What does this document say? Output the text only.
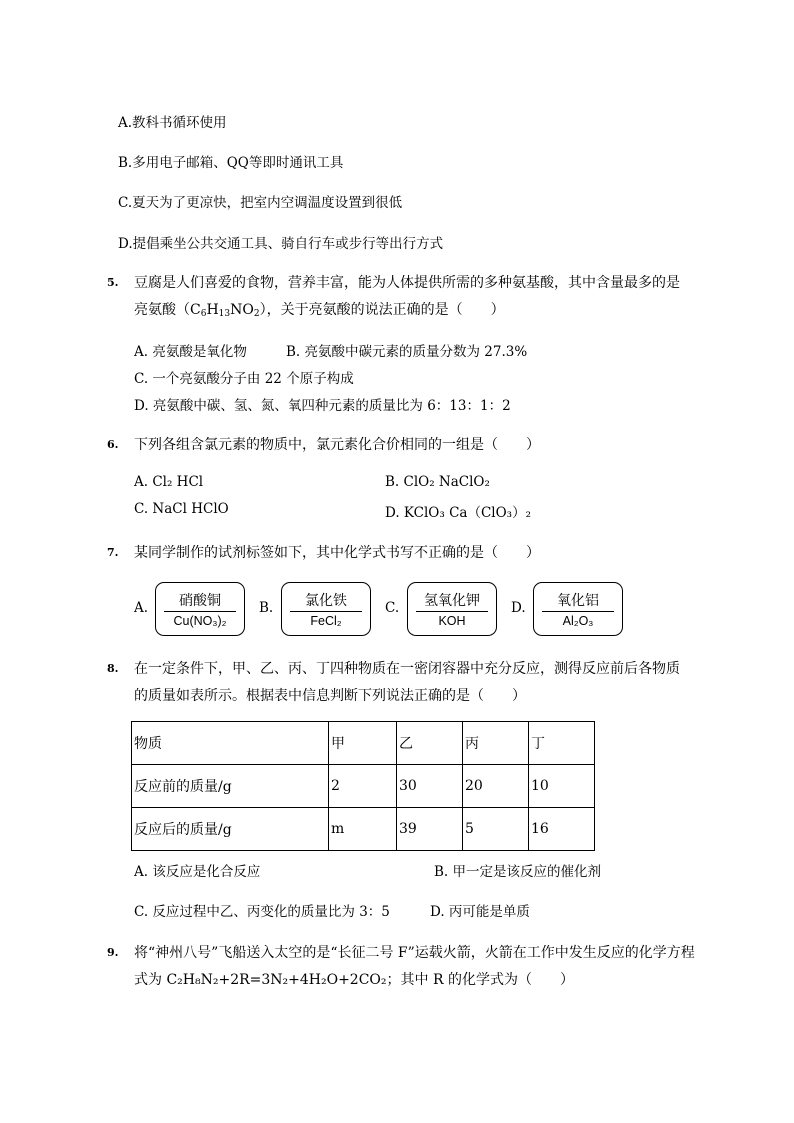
A.教科书循环使用
B.多用电子邮箱、QQ等即时通讯工具
C.夏天为了更凉快，把室内空调温度设置到很低
D.提倡乘坐公共交通工具、骑自行车或步行等出行方式
5. 豆腐是人们喜爱的食物，营养丰富，能为人体提供所需的多种氨基酸，其中含量最多的是
亮氨酸$(C_6H_{13}NO_2)$，关于亮氨酸的说法正确的是（　　）
A. 亮氨酸是氧化物	B. 亮氨酸中碳元素的质量分数为 27.3%
C. 一个亮氨酸分子由 22 个原子构成
D. 亮氨酸中碳、氢、氮、氧四种元素的质量比为 6：13：1：2
6. 下列各组含氯元素的物质中，氯元素化合价相同的一组是（　　）
A. Cl₂ HCl	B. ClO₂ NaClO₂
C. NaCl HClO	D. KClO₃ Ca（ClO₃）₂
7. 某同学制作的试剂标签如下，其中化学式书写不正确的是（　　）
A.	硝酸铜
Cu(NO₃)₂
B.	氯化铁
FeCl₂
C.	氢氧化钾
KOH
D.	氧化铝
Al₂O₃
8. 在一定条件下，甲、乙、丙、丁四种物质在一密闭容器中充分反应，测得反应前后各物质
的质量如表所示。根据表中信息判断下列说法正确的是（　　）
物质	甲	乙	丙	丁
反应前的质量/g	2	30	20	10
反应后的质量/g	m	39	5	16
A. 该反应是化合反应	B. 甲一定是该反应的催化剂
C. 反应过程中乙、丙变化的质量比为 3：5	D. 丙可能是单质
9. 将“神州八号”飞船送入太空的是“长征二号 F”运载火箭，火箭在工作中发生反应的化学方程
式为 C₂H₈N₂+2R=3N₂+4H₂O+2CO₂；其中 R 的化学式为（　　）
